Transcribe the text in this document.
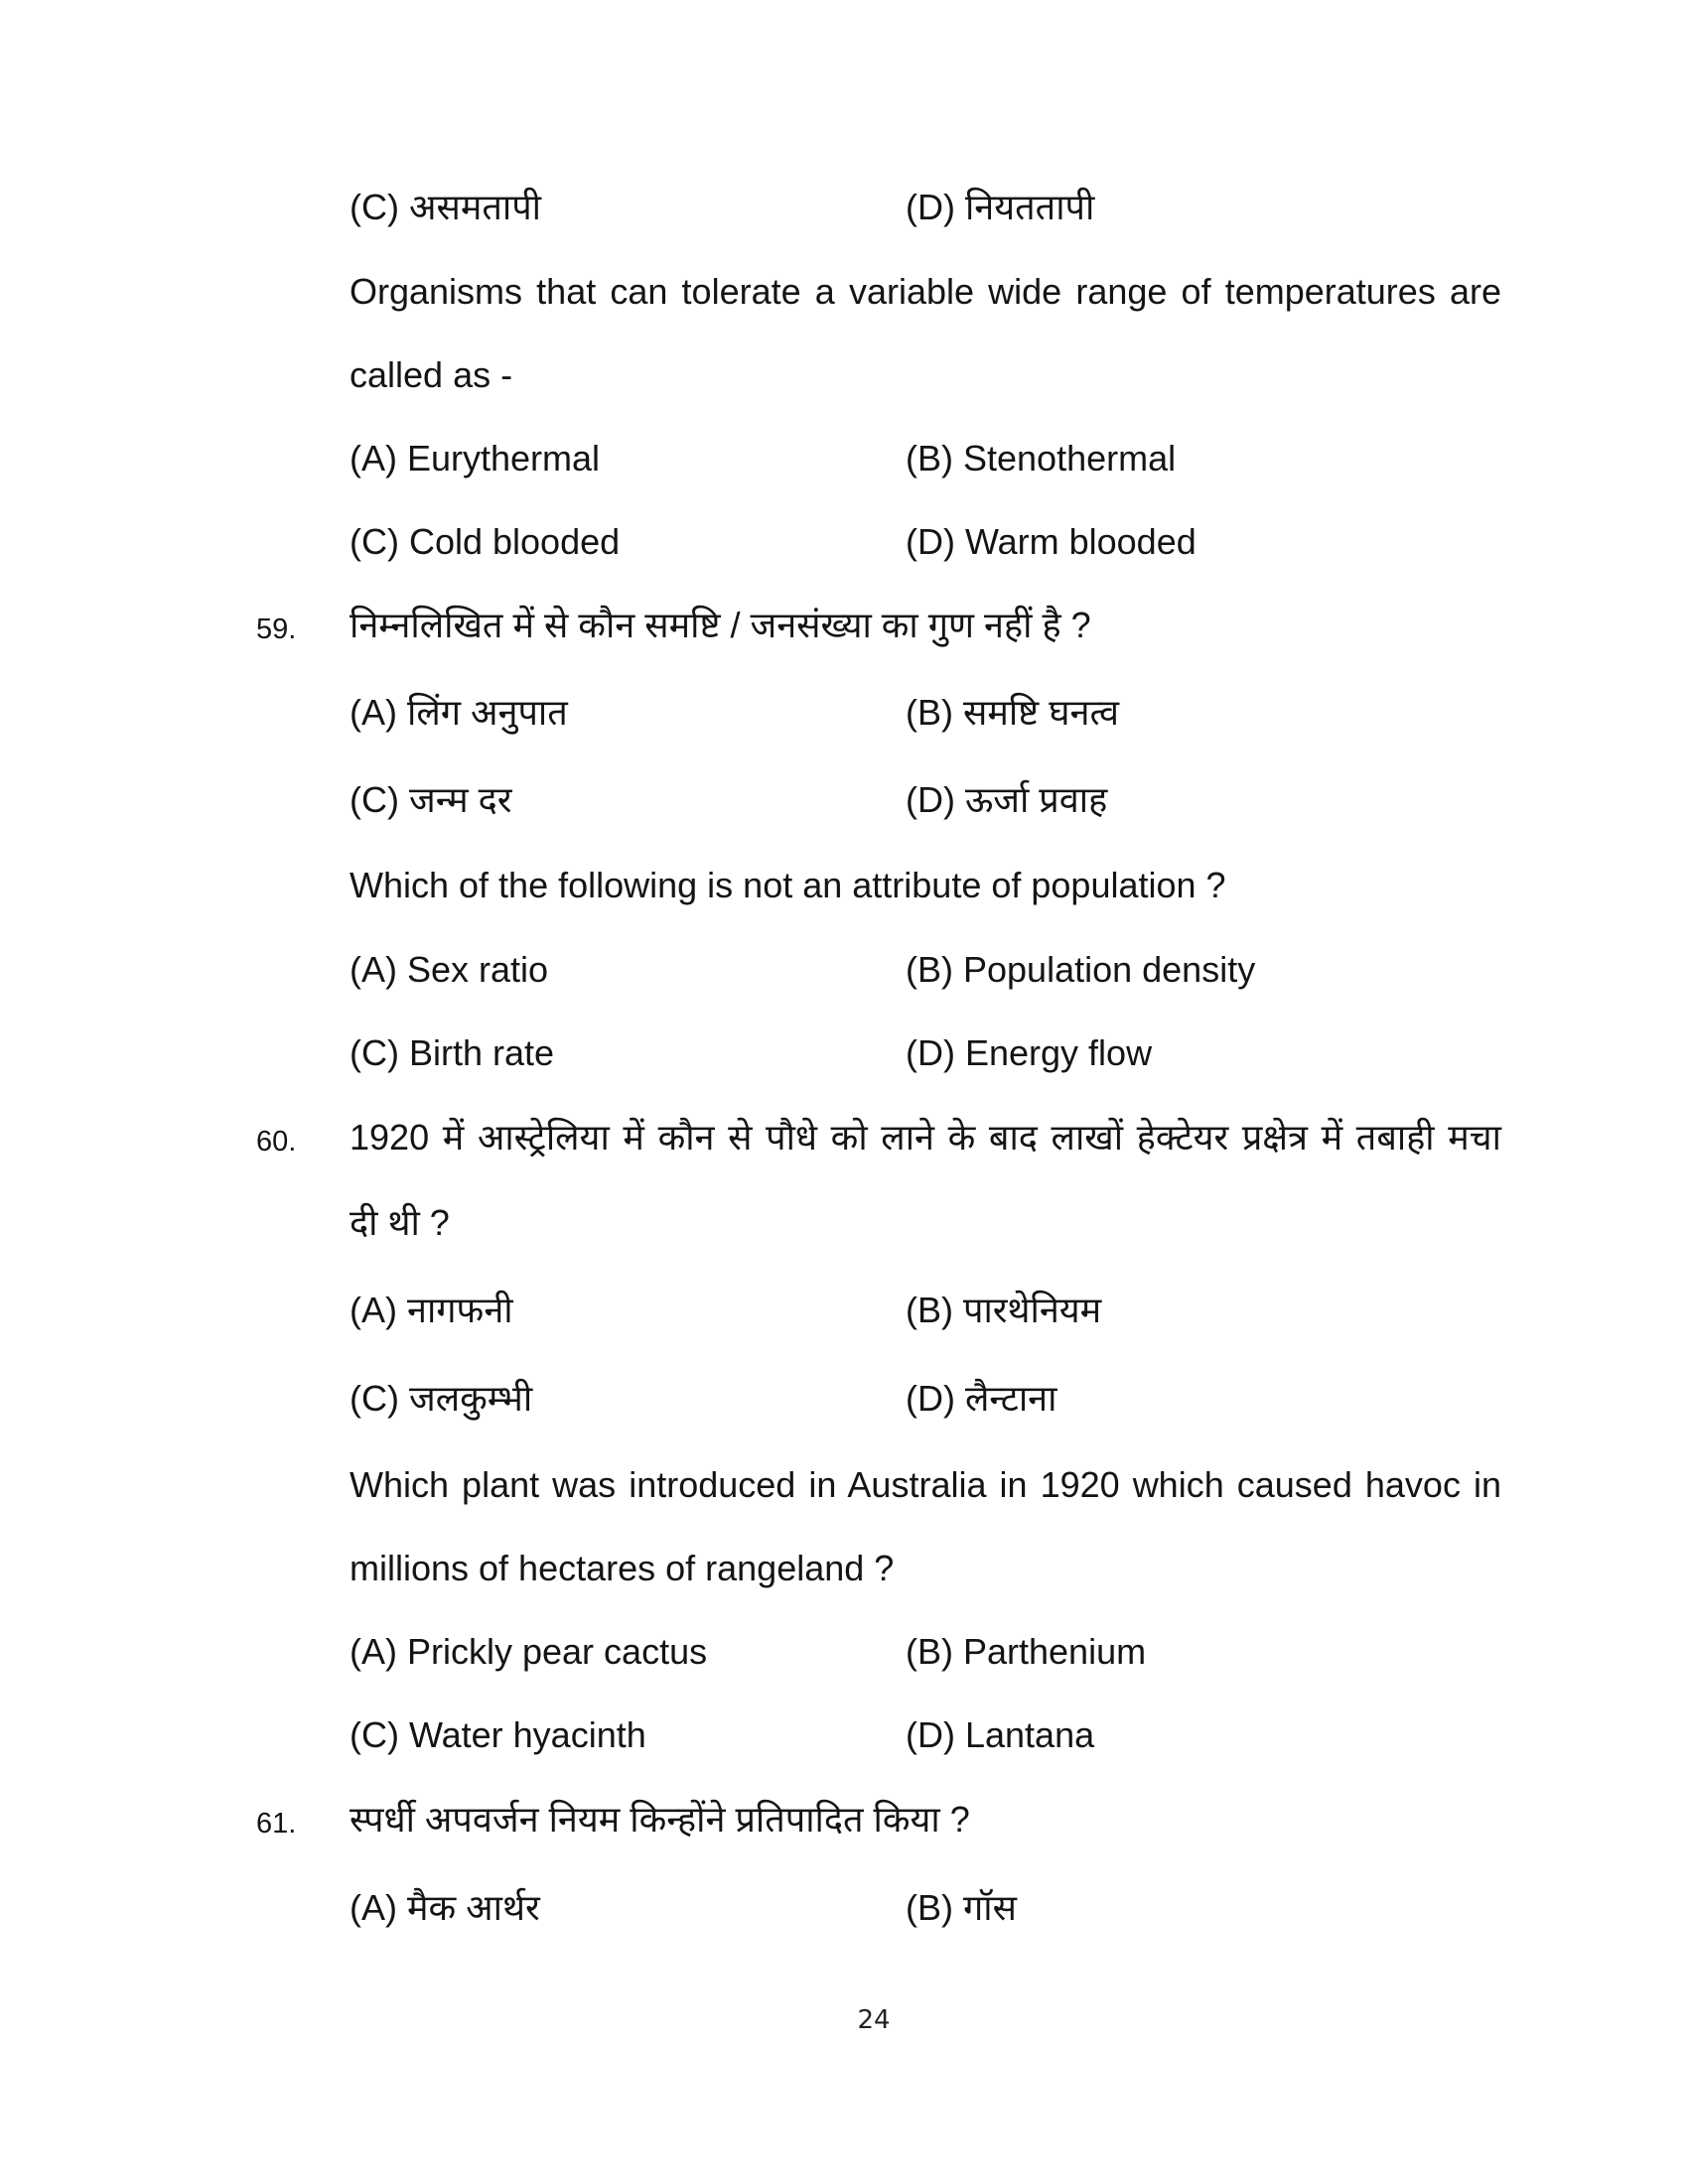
(C) असमतापी	(D) नियततापी
Organisms that can tolerate a variable wide range of temperatures are
called as -
(A) Eurythermal	(B) Stenothermal
(C) Cold blooded	(D) Warm blooded
59. निम्नलिखित में से कौन समष्टि / जनसंख्या का गुण नहीं है ?
(A) लिंग अनुपात	(B) समष्टि घनत्व
(C) जन्म दर	(D) ऊर्जा प्रवाह
Which of the following is not an attribute of population ?
(A) Sex ratio	(B) Population density
(C) Birth rate	(D) Energy flow
60. 1920 में आस्ट्रेलिया में कौन से पौधे को लाने के बाद लाखों हेक्टेयर प्रक्षेत्र में तबाही मचा
दी थी ?
(A) नागफनी	(B) पारथेनियम
(C) जलकुम्भी	(D) लैन्टाना
Which plant was introduced in Australia in 1920 which caused havoc in
millions of hectares of rangeland ?
(A) Prickly pear cactus	(B) Parthenium
(C) Water hyacinth	(D) Lantana
61. स्पर्धी अपवर्जन नियम किन्होंने प्रतिपादित किया ?
(A) मैक आर्थर	(B) गॉस
24
